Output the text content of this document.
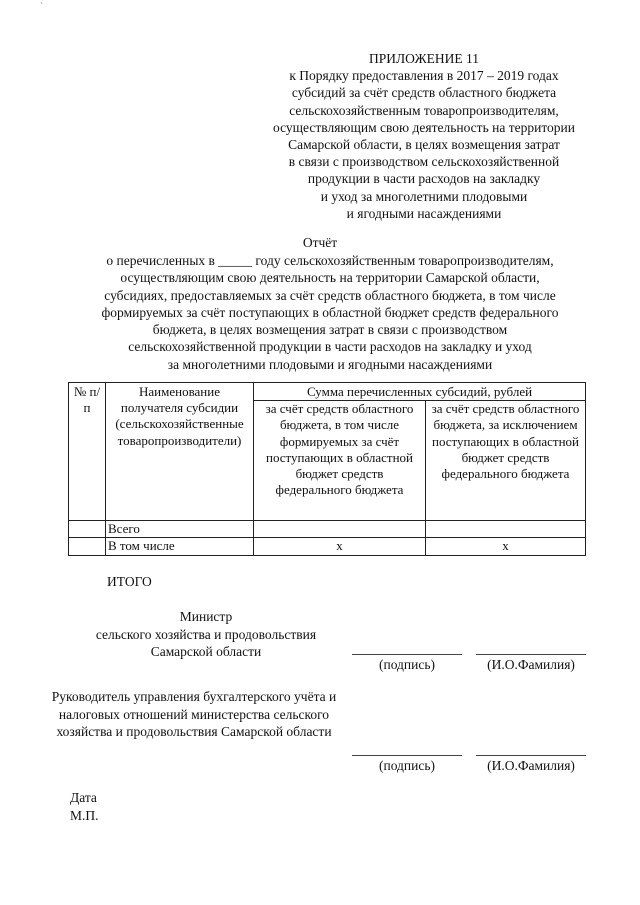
`
ПРИЛОЖЕНИЕ 11
к Порядку предоставления в 2017 – 2019 годах
субсидий за счёт средств областного бюджета
сельскохозяйственным товаропроизводителям,
осуществляющим свою деятельность на территории
Самарской области, в целях возмещения затрат
в связи с производством сельскохозяйственной
продукции в части расходов на закладку
и уход за многолетними плодовыми
и ягодными насаждениями
Отчёт
о перечисленных в _____ году сельскохозяйственным товаропроизводителям,
осуществляющим свою деятельность на территории Самарской области,
субсидиях, предоставляемых за счёт средств областного бюджета, в том числе
формируемых за счёт поступающих в областной бюджет средств федерального
бюджета, в целях возмещения затрат в связи с производством
сельскохозяйственной продукции в части расходов на закладку и уход
за многолетними плодовыми и ягодными насаждениями
№ п/п	Наименование получателя субсидии (сельскохозяйственные товаропроизводители)	Сумма перечисленных субсидий, рублей	
		за счёт средств областного бюджета, в том числе формируемых за счёт поступающих в областной бюджет средств федерального бюджета	за счёт средств областного бюджета, за исключением поступающих в областной бюджет средств федерального бюджета
	Всего		
	В том числе	x	x
ИТОГО
Министр
сельского хозяйства и продовольствия
Самарской области
(подпись)	(И.О.Фамилия)
Руководитель управления бухгалтерского учёта и
налоговых отношений министерства сельского
хозяйства и продовольствия Самарской области
(подпись)	(И.О.Фамилия)
Дата
М.П.
